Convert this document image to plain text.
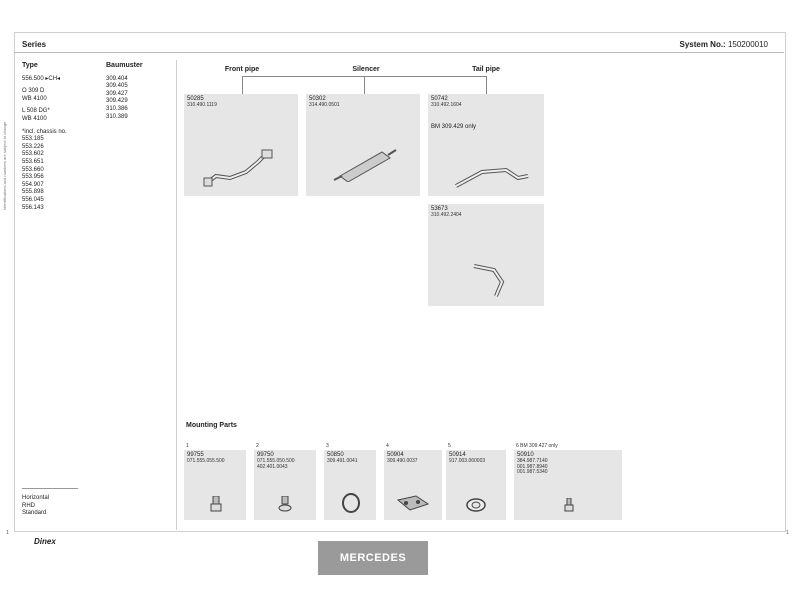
Series	System No.: 150200010
Identifications and numbers are subject to change
Type
556.500 ▸CH◂
O 309 D
WB 4100
L 508 DG*
WB 4100
*incl. chassis no.
553.185
553.226
553.602
553.651
553.660
553.956
554.907
555.898
556.045
556.143
Baumuster
309.404
309.405
309.427
309.429
310.386
310.389
Front pipe	Silencer	Tail pipe
50285
310.490.1119
50302
314.490.0501
50742
310.492.1604
BM 309.429 only
53673
310.492.2404
Mounting Parts
1	2	3	4	5	6 BM 309.427 only
99755
071.555.055.500
99750
071.555.050.500
402.401.0043
50850
309.491.0041
50904
309.490.0037
50914
917.003.060003
50910
384.987.7140
001.987.8940
001.987.5340
Horizontal
RHD
Standard
1	1
Dinex
MERCEDES
